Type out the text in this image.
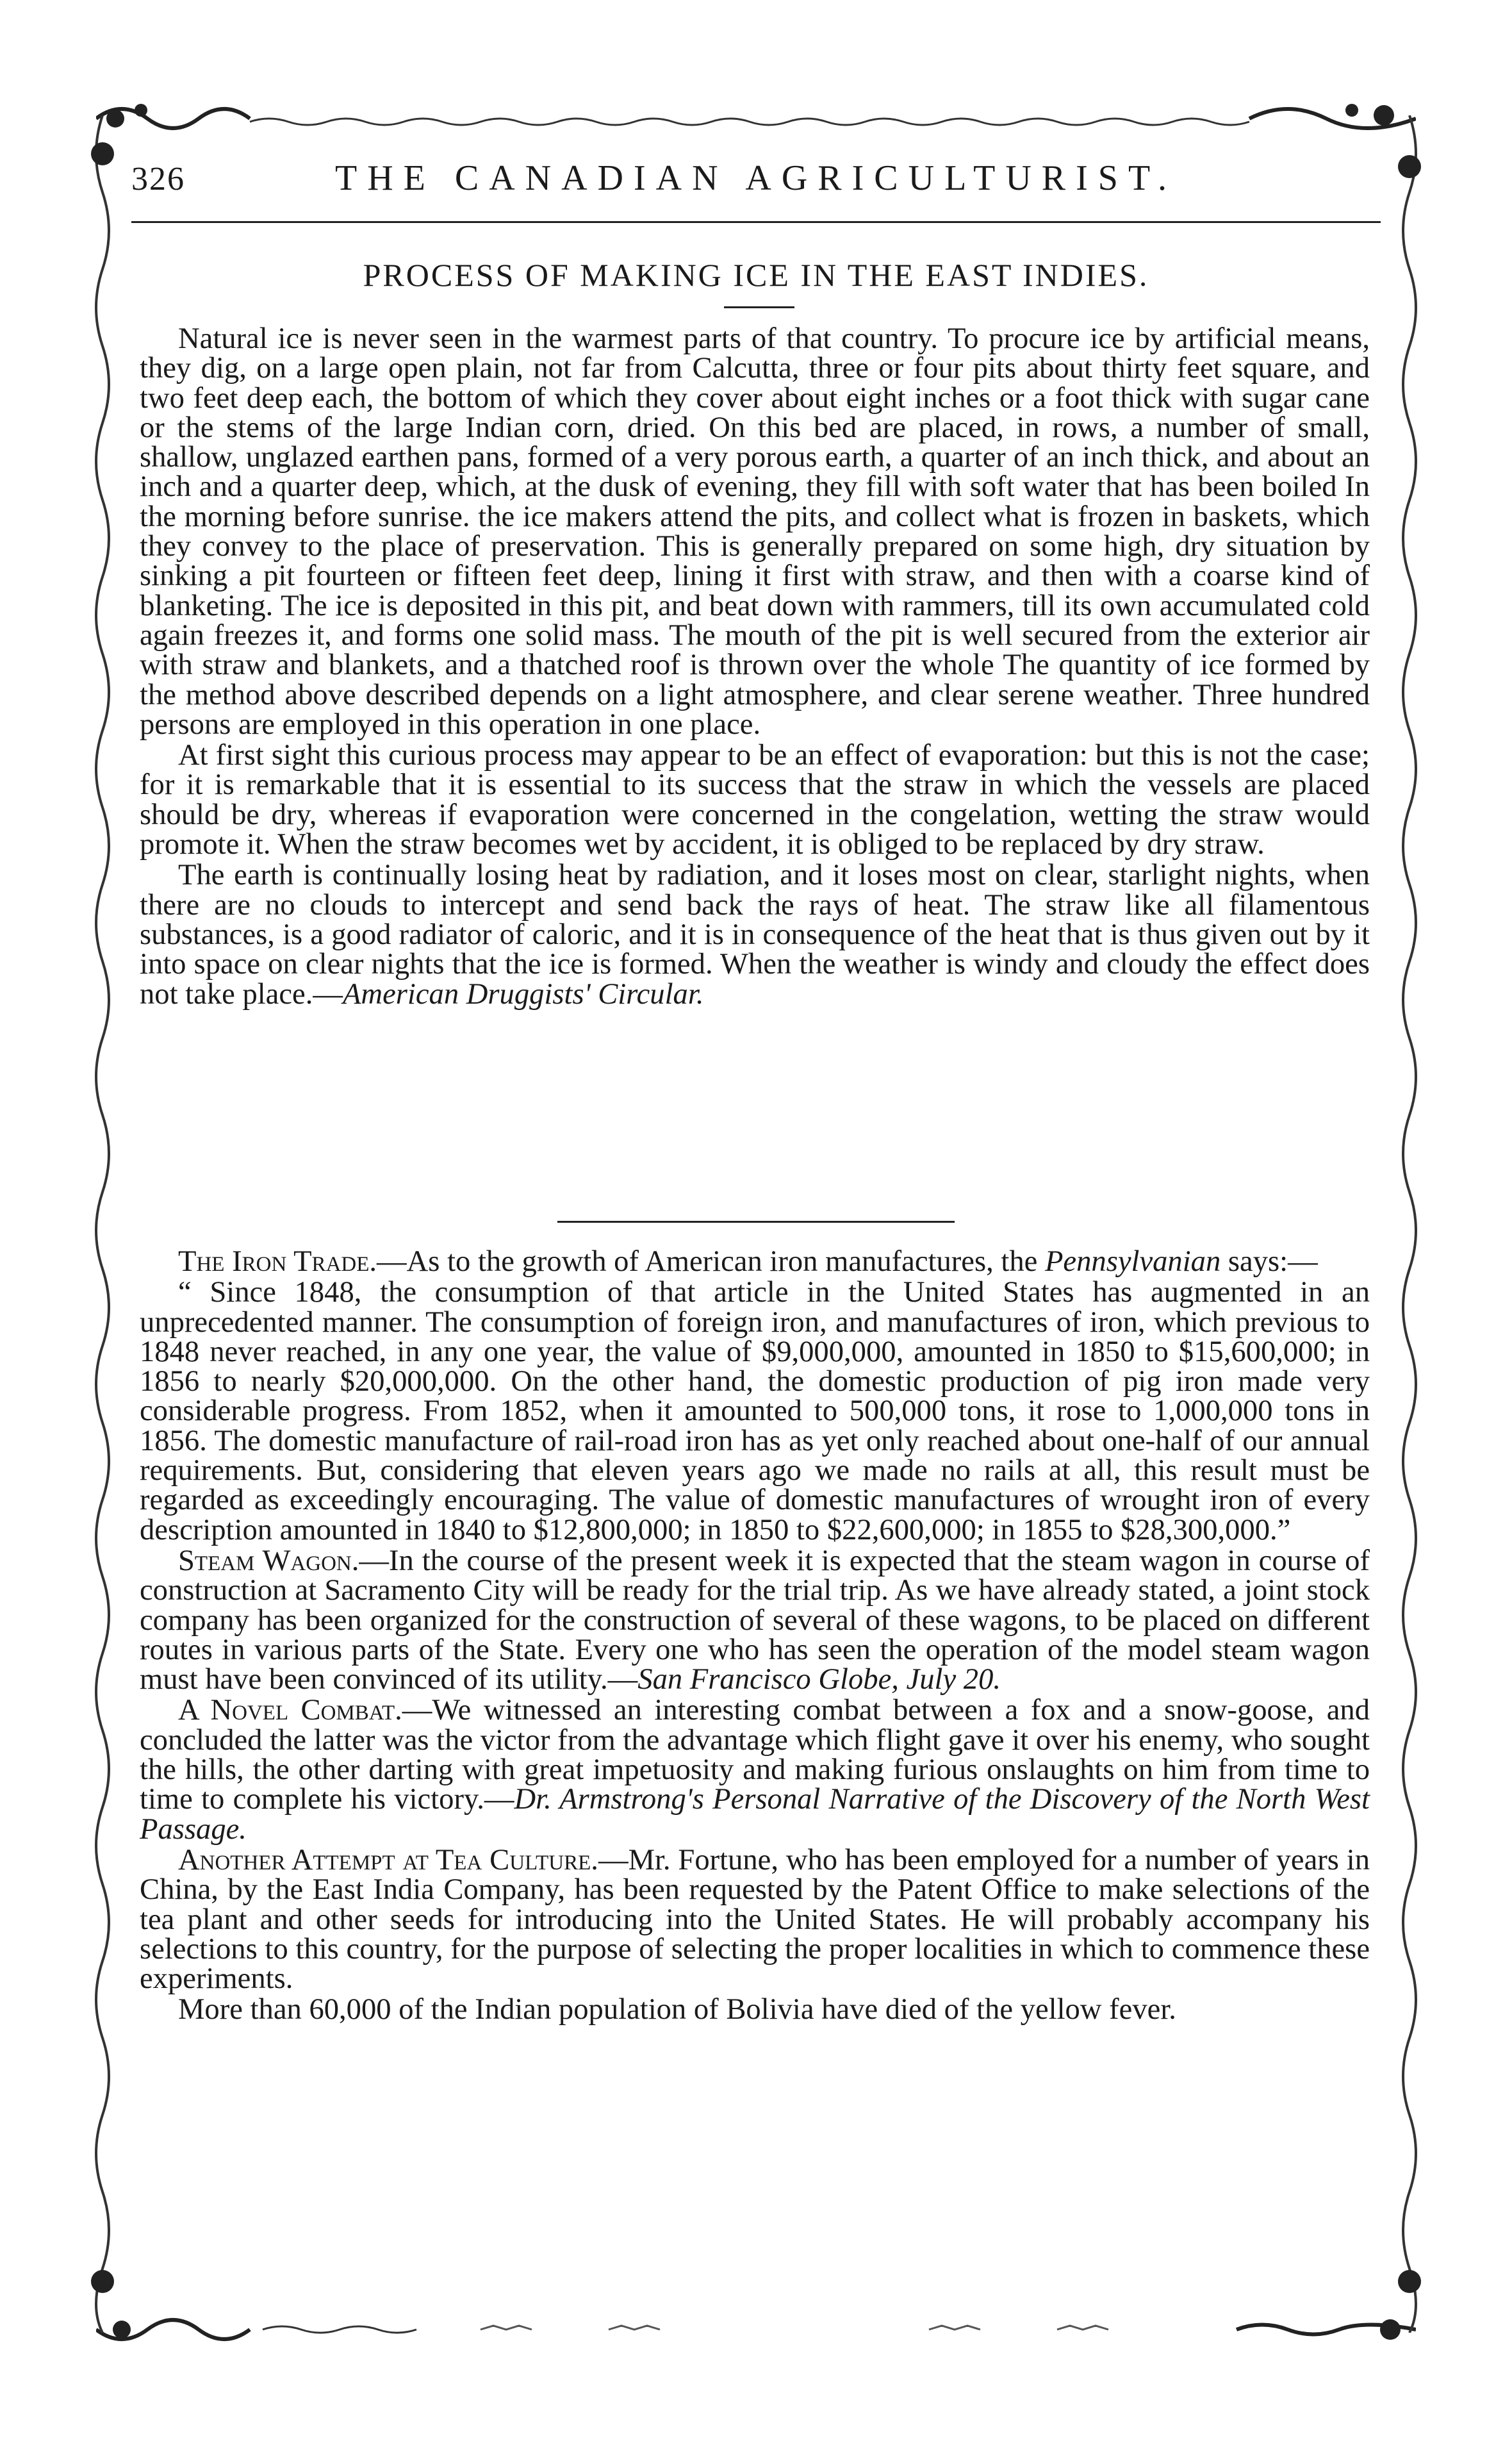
326	THE CANADIAN AGRICULTURIST.
PROCESS OF MAKING ICE IN THE EAST INDIES.

Natural ice is never seen in the warmest parts of that country. To procure ice by artificial means, they dig, on a large open plain, not far from Calcutta, three or four pits about thirty feet square, and two feet deep each, the bottom of which they cover about eight inches or a foot thick with sugar cane or the stems of the large Indian corn, dried. On this bed are placed, in rows, a number of small, shallow, unglazed earthen pans, formed of a very porous earth, a quarter of an inch thick, and about an inch and a quarter deep, which, at the dusk of evening, they fill with soft water that has been boiled In the morning before sunrise. the ice makers attend the pits, and collect what is frozen in baskets, which they convey to the place of preservation. This is generally prepared on some high, dry situation by sinking a pit fourteen or fifteen feet deep, lining it first with straw, and then with a coarse kind of blanketing. The ice is deposited in this pit, and beat down with rammers, till its own accumulated cold again freezes it, and forms one solid mass. The mouth of the pit is well secured from the exterior air with straw and blankets, and a thatched roof is thrown over the whole The quantity of ice formed by the method above described depends on a light atmosphere, and clear serene weather. Three hundred persons are employed in this operation in one place.

At first sight this curious process may appear to be an effect of evaporation: but this is not the case; for it is remarkable that it is essential to its success that the straw in which the vessels are placed should be dry, whereas if evaporation were concerned in the congelation, wetting the straw would promote it. When the straw becomes wet by accident, it is obliged to be replaced by dry straw.

The earth is continually losing heat by radiation, and it loses most on clear, starlight nights, when there are no clouds to intercept and send back the rays of heat. The straw like all filamentous substances, is a good radiator of caloric, and it is in consequence of the heat that is thus given out by it into space on clear nights that the ice is formed. When the weather is windy and cloudy the effect does not take place.—American Druggists' Circular.

The Iron Trade.—As to the growth of American iron manufactures, the Pennsylvanian says:—

“ Since 1848, the consumption of that article in the United States has augmented in an unprecedented manner. The consumption of foreign iron, and manufactures of iron, which previous to 1848 never reached, in any one year, the value of $9,000,000, amounted in 1850 to $15,600,000; in 1856 to nearly $20,000,000. On the other hand, the domestic production of pig iron made very considerable progress. From 1852, when it amounted to 500,000 tons, it rose to 1,000,000 tons in 1856. The domestic manufacture of rail-road iron has as yet only reached about one-half of our annual requirements. But, considering that eleven years ago we made no rails at all, this result must be regarded as exceedingly encouraging. The value of domestic manufactures of wrought iron of every description amounted in 1840 to $12,800,000; in 1850 to $22,600,000; in 1855 to $28,300,000.”

Steam Wagon.—In the course of the present week it is expected that the steam wagon in course of construction at Sacramento City will be ready for the trial trip. As we have already stated, a joint stock company has been organized for the construction of several of these wagons, to be placed on different routes in various parts of the State. Every one who has seen the operation of the model steam wagon must have been convinced of its utility.—San Francisco Globe, July 20.

A Novel Combat.—We witnessed an interesting combat between a fox and a snow-goose, and concluded the latter was the victor from the advantage which flight gave it over his enemy, who sought the hills, the other darting with great impetuosity and making furious onslaughts on him from time to time to complete his victory.—Dr. Armstrong's Personal Narrative of the Discovery of the North West Passage.

Another Attempt at Tea Culture.—Mr. Fortune, who has been employed for a number of years in China, by the East India Company, has been requested by the Patent Office to make selections of the tea plant and other seeds for introducing into the United States. He will probably accompany his selections to this country, for the purpose of selecting the proper localities in which to commence these experiments.

More than 60,000 of the Indian population of Bolivia have died of the yellow fever.
